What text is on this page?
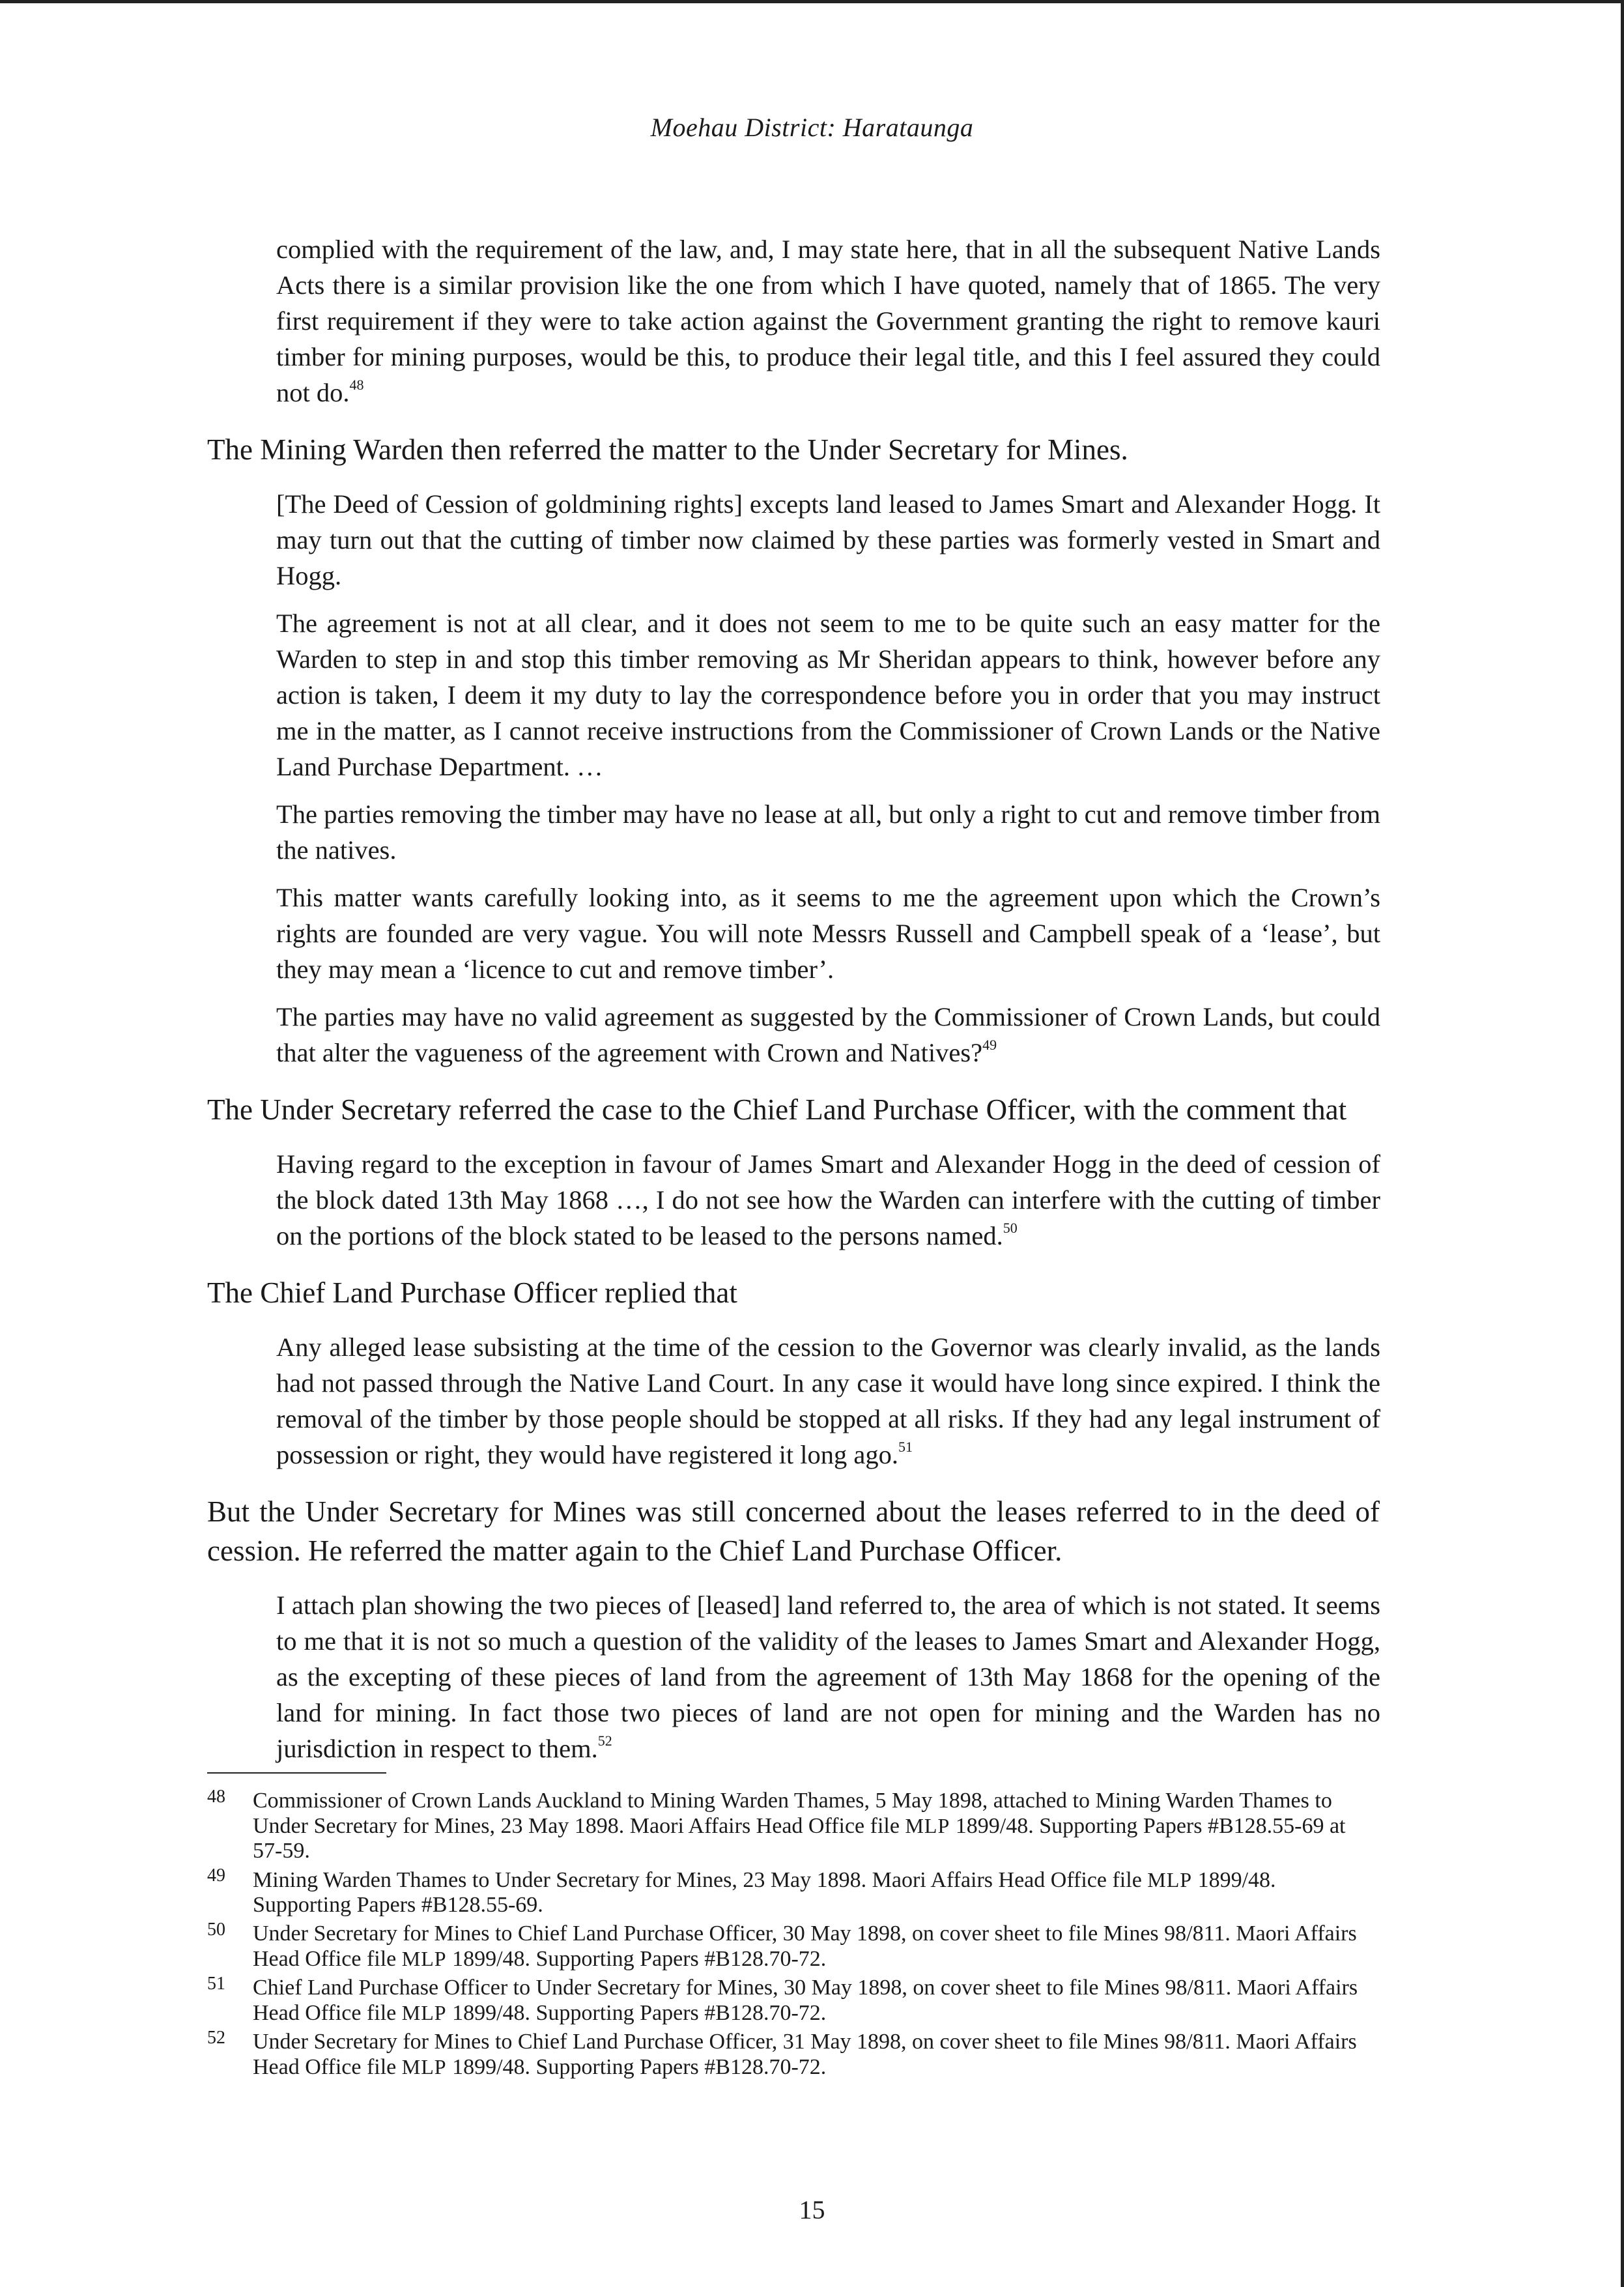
Moehau District: Harataunga

complied with the requirement of the law, and, I may state here, that in all the subsequent Native Lands Acts there is a similar provision like the one from which I have quoted, namely that of 1865. The very first requirement if they were to take action against the Government granting the right to remove kauri timber for mining purposes, would be this, to produce their legal title, and this I feel assured they could not do.$^{48}$

The Mining Warden then referred the matter to the Under Secretary for Mines.

[The Deed of Cession of goldmining rights] excepts land leased to James Smart and Alexander Hogg. It may turn out that the cutting of timber now claimed by these parties was formerly vested in Smart and Hogg.

The agreement is not at all clear, and it does not seem to me to be quite such an easy matter for the Warden to step in and stop this timber removing as Mr Sheridan appears to think, however before any action is taken, I deem it my duty to lay the correspondence before you in order that you may instruct me in the matter, as I cannot receive instructions from the Commissioner of Crown Lands or the Native Land Purchase Department. …

The parties removing the timber may have no lease at all, but only a right to cut and remove timber from the natives.

This matter wants carefully looking into, as it seems to me the agreement upon which the Crown’s rights are founded are very vague. You will note Messrs Russell and Campbell speak of a ‘lease’, but they may mean a ‘licence to cut and remove timber’.

The parties may have no valid agreement as suggested by the Commissioner of Crown Lands, but could that alter the vagueness of the agreement with Crown and Natives?$^{49}$

The Under Secretary referred the case to the Chief Land Purchase Officer, with the comment that

Having regard to the exception in favour of James Smart and Alexander Hogg in the deed of cession of the block dated 13th May 1868 …, I do not see how the Warden can interfere with the cutting of timber on the portions of the block stated to be leased to the persons named.$^{50}$

The Chief Land Purchase Officer replied that

Any alleged lease subsisting at the time of the cession to the Governor was clearly invalid, as the lands had not passed through the Native Land Court. In any case it would have long since expired. I think the removal of the timber by those people should be stopped at all risks. If they had any legal instrument of possession or right, they would have registered it long ago.$^{51}$

But the Under Secretary for Mines was still concerned about the leases referred to in the deed of cession. He referred the matter again to the Chief Land Purchase Officer.

I attach plan showing the two pieces of [leased] land referred to, the area of which is not stated. It seems to me that it is not so much a question of the validity of the leases to James Smart and Alexander Hogg, as the excepting of these pieces of land from the agreement of 13th May 1868 for the opening of the land for mining. In fact those two pieces of land are not open for mining and the Warden has no jurisdiction in respect to them.$^{52}$

48 Commissioner of Crown Lands Auckland to Mining Warden Thames, 5 May 1898, attached to Mining Warden Thames to Under Secretary for Mines, 23 May 1898. Maori Affairs Head Office file MLP 1899/48. Supporting Papers #B128.55-69 at 57-59.
49 Mining Warden Thames to Under Secretary for Mines, 23 May 1898. Maori Affairs Head Office file MLP 1899/48. Supporting Papers #B128.55-69.
50 Under Secretary for Mines to Chief Land Purchase Officer, 30 May 1898, on cover sheet to file Mines 98/811. Maori Affairs Head Office file MLP 1899/48. Supporting Papers #B128.70-72.
51 Chief Land Purchase Officer to Under Secretary for Mines, 30 May 1898, on cover sheet to file Mines 98/811. Maori Affairs Head Office file MLP 1899/48. Supporting Papers #B128.70-72.
52 Under Secretary for Mines to Chief Land Purchase Officer, 31 May 1898, on cover sheet to file Mines 98/811. Maori Affairs Head Office file MLP 1899/48. Supporting Papers #B128.70-72.
15
